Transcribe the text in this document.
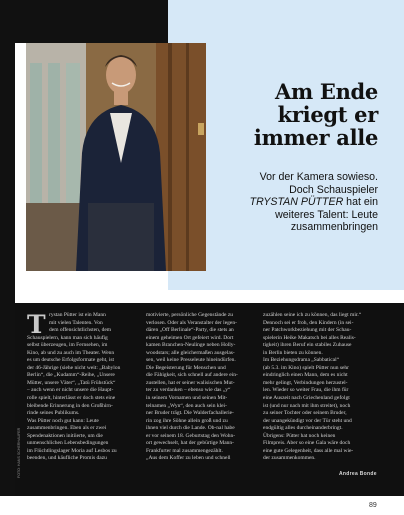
Am Ende
kriegt er
immer alle
Vor der Kamera sowieso.
Doch Schauspieler
TRYSTAN PÜTTER hat ein
weiteres Talent: Leute
zusammenbringen
T rystan Pütter ist ein Mann

mit vielen Talenten. Von

dem offensichtlichsten, dem

Schauspielern, kann man sich häufig

selbst überzeugen, im Fernsehen, im

Kino, ab und zu auch im Theater. Wenn

es um deutsche Erfolgsformate geht, ist

der 46-Jährige (siehe nicht weit: „Babylon

Berlin“, die „Kudamm“-Reihe, „Unsere

Mütter, unsere Väter“, „Tatü Frühstück“

– auch wenn er nicht unsere die Haupt-

rolle spielt, hinterlässt er doch stets eine

bleibende Erinnerung in den Großhirn-

rinde seines Publikums.

Was Pütter noch gut kann: Leute

zusammenbringen. Eben als er zwei

Spendenaktionen initiierte, um die

unmenschlichen Lebensbedingungen

im Flüchtlingslager Moria auf Lesbos zu

beenden, und käufliche Promis dazu

motivierte, persönliche Gegenstände zu

verlosen. Oder als Veranstalter der legen-

dären „Off Berlinale“-Party, die stets an

einem geheimen Ort gefeiert wird. Dort

kamen Branchen-Neulinge neben Holly-

woodstars; alle gleichermaßen ausgelas-

sen, weil keine Presseleute hineindürfen.

Die Begeisterung für Menschen und

die Fähigkeit, sich schnell auf andere ein-

zustellen, hat er seiner walisischen Mut-

ter zu verdanken – ebenso wie das „y“

in seinem Vornamen und seinen Mit-

telnamen „Wyn“, den auch sein klei-

ner Bruder trägt. Die Walderfachallerie-

rin zog ihre Söhne allein groß und zu

ihnen viel durch die Lande. Ob-nal habe

er vor seinem 18. Geburtstag den Wohn-

ort gewechselt, hat der gebürtige Mann-

Frankfurter mal zusammengezählt.

„Aus dem Koffer zu leben und schnell

zuzählen seine ich zu können, das liegt mir.“

Dennoch sei er froh, den Kindern (in sei-

ner Patchworkbeziehung mit der Schau-

spielerin Heike Makatsch bei alles Realis-

tigkeit) ihren Beruf ein stabiles Zuhause

in Berlin bieten zu können.

Im Beziehungsdrama „Sabbatical“

(ab 5.3. im Kino) spielt Pütter nun sehr

eindringlich einen Mann, dem es nicht

mehr gelingt, Verbindungen herzustel-

len. Wieder so weiter Frau, die ihm für

eine Auszeit nach Griechenland gefolgt

ist (und nur nach mit ihm streitet), noch

zu seiner Tochter oder seinem Bruder,

der unangekündigt vor der Tür steht und

endgültig alles durcheinanderbringt.

Übrigens: Pütter hat noch keinen

Filmpreis. Aber so eine Gala wäre doch

eine gute Gelegenheit, dass alle mal wie-

der zusammenkommen.

FOTO: HANS SCHERHAUFER	Andrea Bonde
89
